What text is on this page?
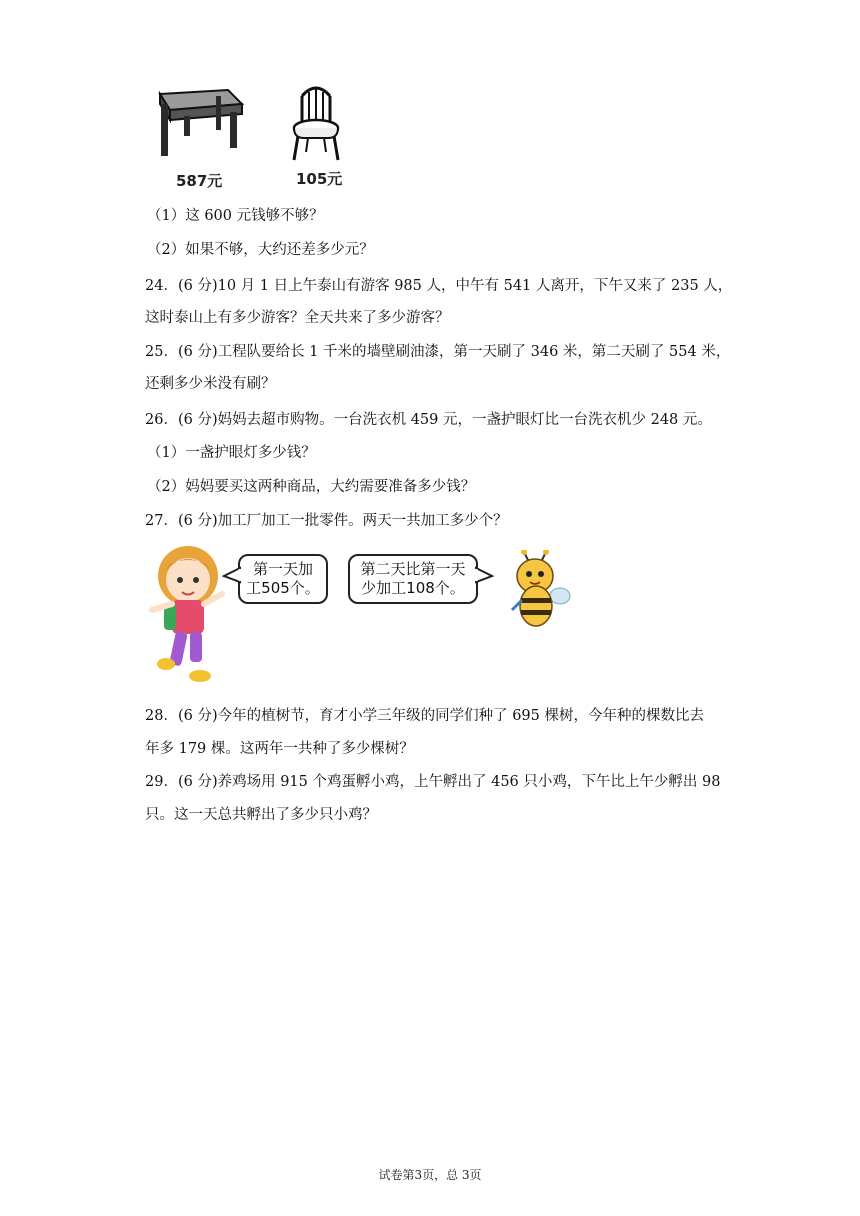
587元	105元
（1）这 600 元钱够不够？
（2）如果不够，大约还差多少元？
24．(6 分)10 月 1 日上午泰山有游客 985 人，中午有 541 人离开，下午又来了 235 人，
这时泰山上有多少游客？全天共来了多少游客？
25．(6 分)工程队要给长 1 千米的墙壁刷油漆，第一天刷了 346 米，第二天刷了 554 米，
还剩多少米没有刷？
26．(6 分)妈妈去超市购物。一台洗衣机 459 元，一盏护眼灯比一台洗衣机少 248 元。
（1）一盏护眼灯多少钱？
（2）妈妈要买这两种商品，大约需要准备多少钱？
27．(6 分)加工厂加工一批零件。两天一共加工多少个？
第一天加
工505个。
第二天比第一天
少加工108个。
28．(6 分)今年的植树节，育才小学三年级的同学们种了 695 棵树，今年种的棵数比去
年多 179 棵。这两年一共种了多少棵树？
29．(6 分)养鸡场用 915 个鸡蛋孵小鸡，上午孵出了 456 只小鸡，下午比上午少孵出 98
只。这一天总共孵出了多少只小鸡？
试卷第3页，总 3页
